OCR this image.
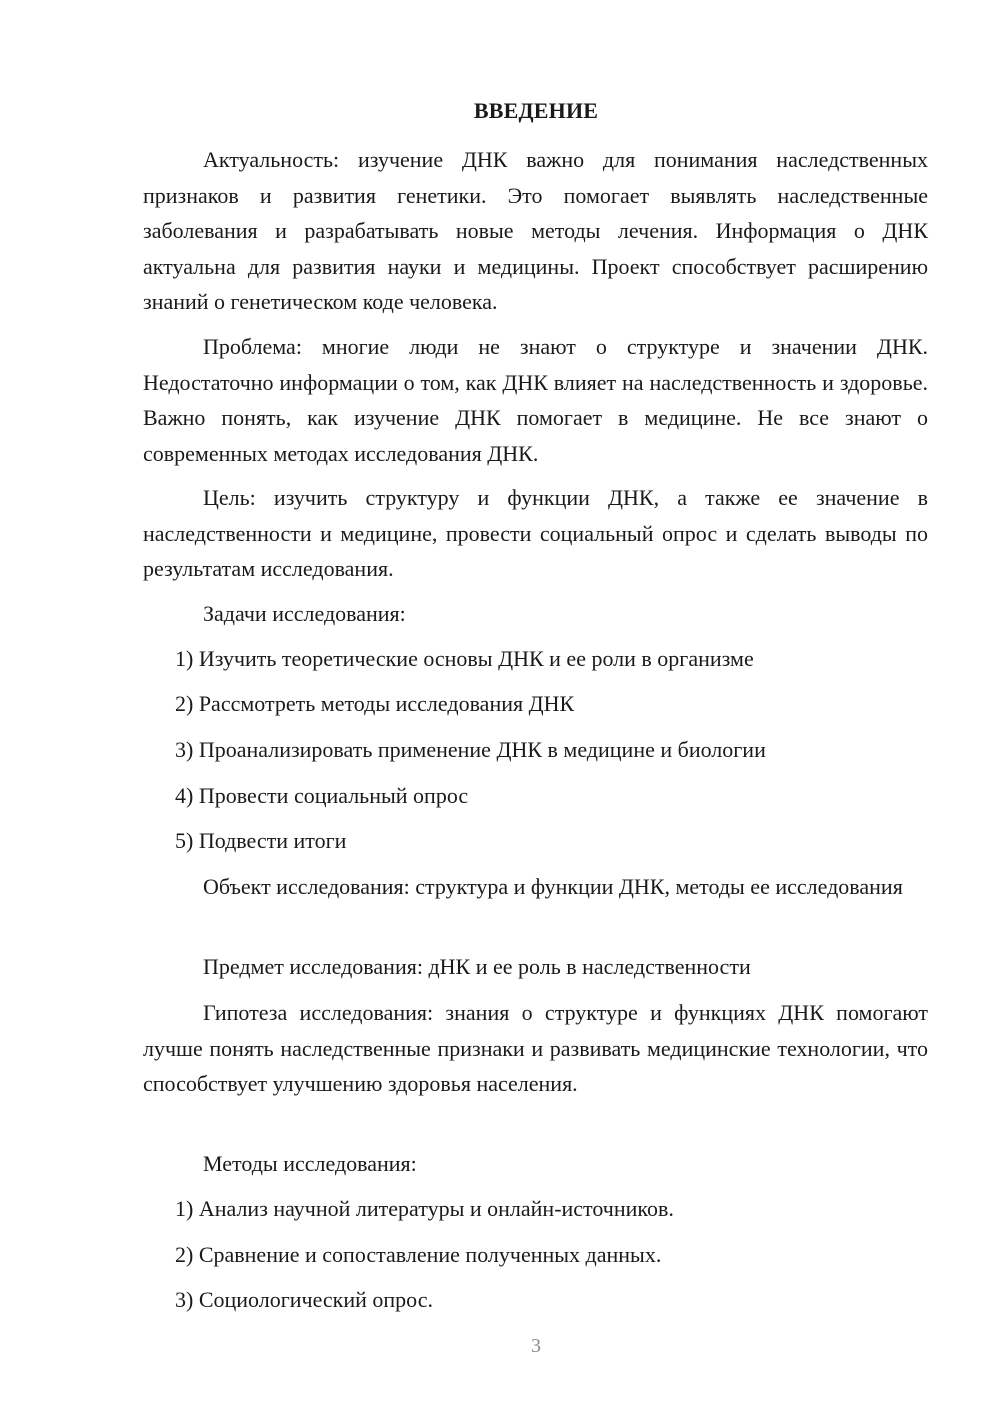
ВВЕДЕНИЕ

Актуальность: изучение ДНК важно для понимания наследственных признаков и развития генетики. Это помогает выявлять наследственные заболевания и разрабатывать новые методы лечения. Информация о ДНК актуальна для развития науки и медицины. Проект способствует расширению знаний о генетическом коде человека.

Проблема: многие люди не знают о структуре и значении ДНК. Недостаточно информации о том, как ДНК влияет на наследственность и здоровье. Важно понять, как изучение ДНК помогает в медицине. Не все знают о современных методах исследования ДНК.

Цель: изучить структуру и функции ДНК, а также ее значение в наследственности и медицине, провести социальный опрос и сделать выводы по результатам исследования.

Задачи исследования:

1) Изучить теоретические основы ДНК и ее роли в организме

2) Рассмотреть методы исследования ДНК

3) Проанализировать применение ДНК в медицине и биологии

4) Провести социальный опрос

5) Подвести итоги

Объект исследования: структура и функции ДНК, методы ее исследования

Предмет исследования: дНК и ее роль в наследственности

Гипотеза исследования: знания о структуре и функциях ДНК помогают лучше понять наследственные признаки и развивать медицинские технологии, что способствует улучшению здоровья населения.

Методы исследования:

1) Анализ научной литературы и онлайн-источников.

2) Сравнение и сопоставление полученных данных.

3) Социологический опрос.

3
